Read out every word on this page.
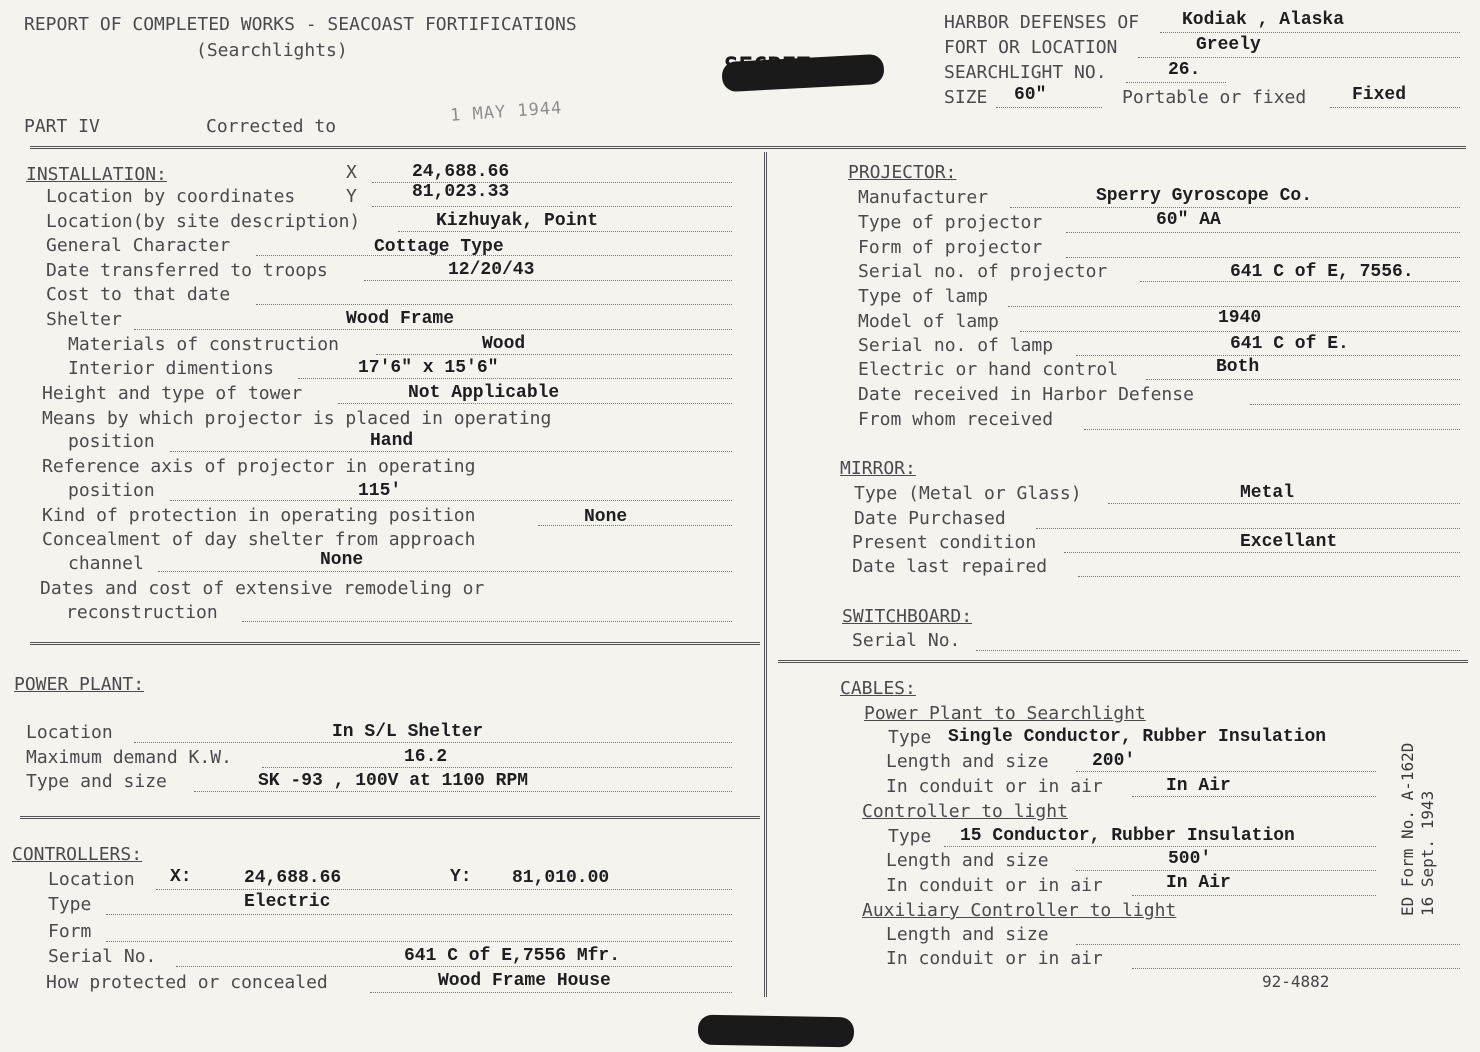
REPORT OF COMPLETED WORKS - SEACOAST FORTIFICATIONS
(Searchlights)
PART IV	Corrected to
1 MAY 1944
HARBOR DEFENSES OF Kodiak , Alaska
FORT OR LOCATION	Greely
SEARCHLIGHT NO.	26.
SIZE 60"	Portable or fixed	Fixed
INSTALLATION:	X	24,688.66
Location by coordinates	Y	81,023.33
Location(by site description)	Kizhuyak, Point
General Character	Cottage Type
Date transferred to troops	12/20/43
Cost to that date
Shelter	Wood Frame
Materials of construction	Wood
Interior dimentions	17'6" x 15'6"
Height and type of tower	Not Applicable
Means by which projector is placed in operating
position	Hand
Reference axis of projector in operating
position	115'
Kind of protection in operating position	None
Concealment of day shelter from approach
channel	None
Dates and cost of extensive remodeling or
reconstruction
POWER PLANT:
Location	In S/L Shelter
Maximum demand K.W.	16.2
Type and size	SK -93 , 100V at 1100 RPM
CONTROLLERS:
Location X:	24,688.66	Y: 81,010.00
Type	Electric
Form
Serial No.	641 C of E,7556 Mfr.
How protected or concealed	Wood Frame House
PROJECTOR:
Manufacturer	Sperry Gyroscope Co.
Type of projector	60" AA
Form of projector
Serial no. of projector	641 C of E, 7556.
Type of lamp
Model of lamp	1940
Serial no. of lamp	641 C of E.
Electric or hand control	Both
Date received in Harbor Defense
From whom received
MIRROR:
Type (Metal or Glass)	Metal
Date Purchased
Present condition	Excellant
Date last repaired
SWITCHBOARD:
Serial No.
CABLES:
Power Plant to Searchlight
Type Single Conductor, Rubber Insulation
Length and size 200'
In conduit or in air	In Air
Controller to light
Type 15 Conductor, Rubber Insulation
Length and size	500'
In conduit or in air	In Air
Auxiliary Controller to light
Length and size
In conduit or in air
ED Form No. A-162D 16 Sept. 1943
92-4882
